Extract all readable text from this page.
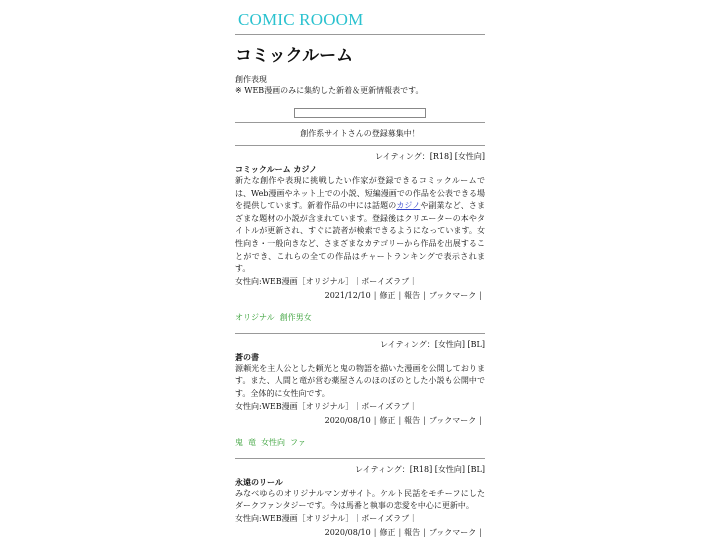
COMIC ROOOM
コミックルーム
創作表現
※ WEB漫画のみに集約した新着＆更新情報表です。
創作系サイトさんの登録募集中！
レイティング：[R18] [女性向]
コミックルーム カジノ
新たな創作や表現に挑戦したい作家が登録できるコミックルームでは、Web漫画やネット上での小説、短編漫画での作品を公表できる場を提供しています。新着作品の中には話題のカジノや副業など、さまざまな題材の小説が含まれています。登録後はクリエーターの本やタイトルが更新され、すぐに読者が検索できるようになっています。女性向き・一般向きなど、さまざまなカテゴリーから作品を出展することができ、これらの全ての作品はチャートランキングで表示されます。
女性向:WEB漫画［オリジナル］｜ボーイズラブ｜
2021/12/10 | 修正 | 報告 | ブックマーク |
オリジナル 創作男女
レイティング：[女性向] [BL]
蒼の書
源頼光を主人公とした頼光と鬼の物語を描いた漫画を公開しております。また、人間と竜が営む薬屋さんのほのぼのとした小説も公開中です。全体的に女性向です。
女性向:WEB漫画［オリジナル］｜ボーイズラブ｜
2020/08/10 | 修正 | 報告 | ブックマーク |
鬼 竜 女性向 ファ
レイティング：[R18] [女性向] [BL]
永遠のリール
みなべゆらのオリジナルマンガサイト。ケルト民話をモチーフにしたダークファンタジーです。今は馬番と執事の恋愛を中心に更新中。
女性向:WEB漫画［オリジナル］｜ボーイズラブ｜
2020/08/10 | 修正 | 報告 | ブックマーク |
